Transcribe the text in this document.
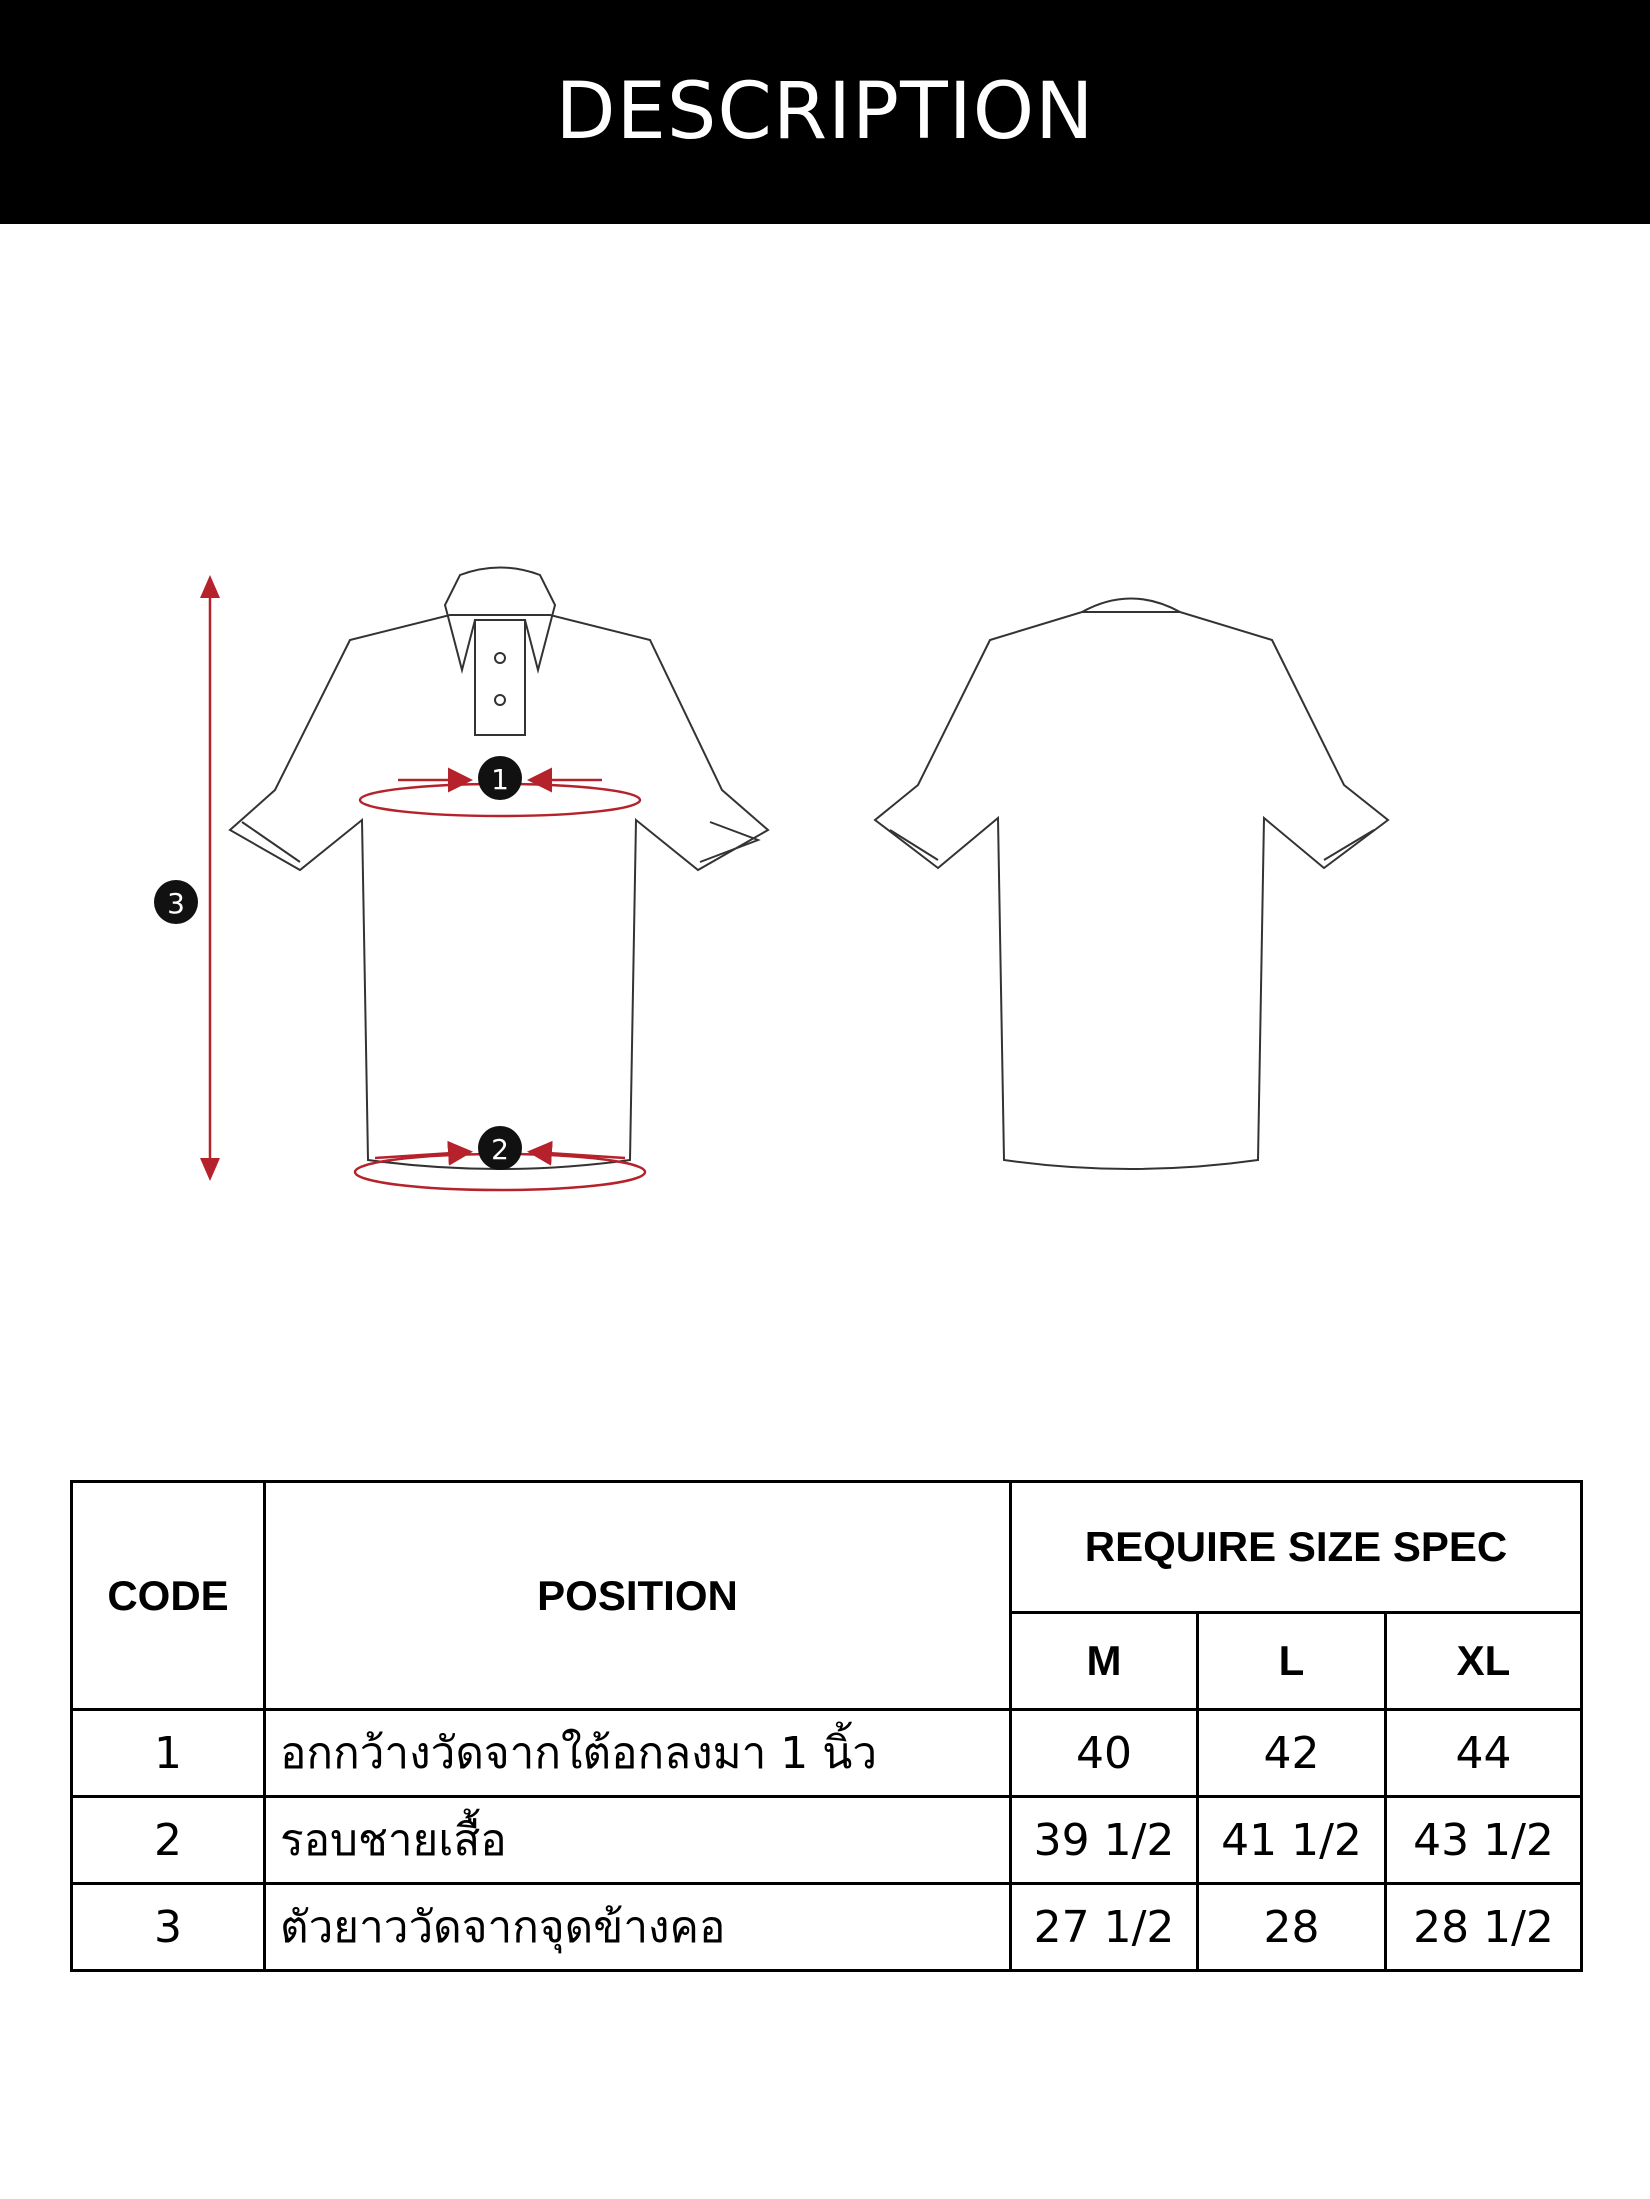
DESCRIPTION
1
2
3
CODE	POSITION	REQUIRE SIZE SPEC		
		M	L	XL
1	อกกว้างวัดจากใต้อกลงมา 1 นิ้ว	40	42	44
2	รอบชายเสื้อ	39 1/2	41 1/2	43 1/2
3	ตัวยาววัดจากจุดข้างคอ	27 1/2	28	28 1/2
